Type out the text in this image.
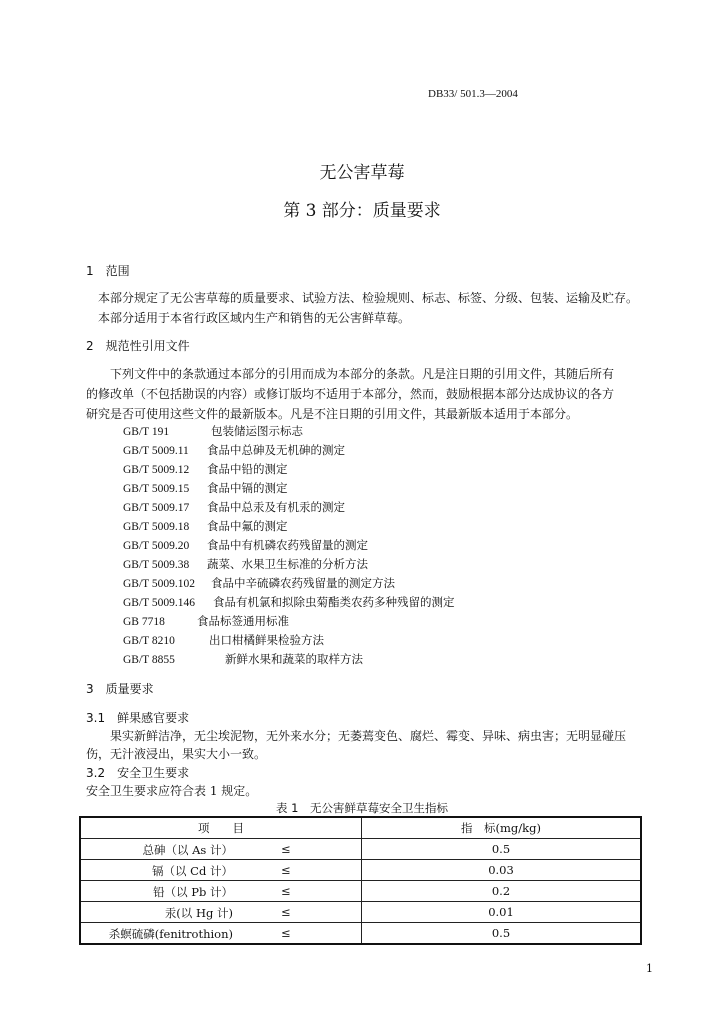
DB33/ 501.3—2004
无公害草莓
第 3 部分：质量要求
1　范围
本部分规定了无公害草莓的质量要求、试验方法、检验规则、标志、标签、分级、包装、运输及贮存。
本部分适用于本省行政区域内生产和销售的无公害鲜草莓。
2　规范性引用文件
下列文件中的条款通过本部分的引用而成为本部分的条款。凡是注日期的引用文件，其随后所有
的修改单（不包括勘误的内容）或修订版均不适用于本部分，然而，鼓励根据本部分达成协议的各方
研究是否可使用这些文件的最新版本。凡是不注日期的引用文件，其最新版本适用于本部分。
GB/T 191	包装储运图示标志
GB/T 5009.11 食品中总砷及无机砷的测定
GB/T 5009.12 食品中铅的测定
GB/T 5009.15 食品中镉的测定
GB/T 5009.17 食品中总汞及有机汞的测定
GB/T 5009.18 食品中氟的测定
GB/T 5009.20 食品中有机磷农药残留量的测定
GB/T 5009.38 蔬菜、水果卫生标准的分析方法
GB/T 5009.102 食品中辛硫磷农药残留量的测定方法
GB/T 5009.146 食品有机氯和拟除虫菊酯类农药多种残留的测定
GB 7718	食品标签通用标准
GB/T 8210	出口柑橘鲜果检验方法
GB/T 8855	新鲜水果和蔬菜的取样方法
3　质量要求
3.1　鲜果感官要求
果实新鲜洁净，无尘埃泥物，无外来水分；无萎蔫变色、腐烂、霉变、异味、病虫害；无明显碰压
伤，无汁液浸出，果实大小一致。
3.2　安全卫生要求
安全卫生要求应符合表 1 规定。
表 1　无公害鲜草莓安全卫生指标
项　　目	指　标(mg/kg)

总砷（以 As 计） ≤	0.5

镉（以 Cd 计） ≤	0.03

铅（以 Pb 计） ≤	0.2

汞(以 Hg 计) ≤	0.01

杀螟硫磷(fenitrothion) ≤	0.5
1
